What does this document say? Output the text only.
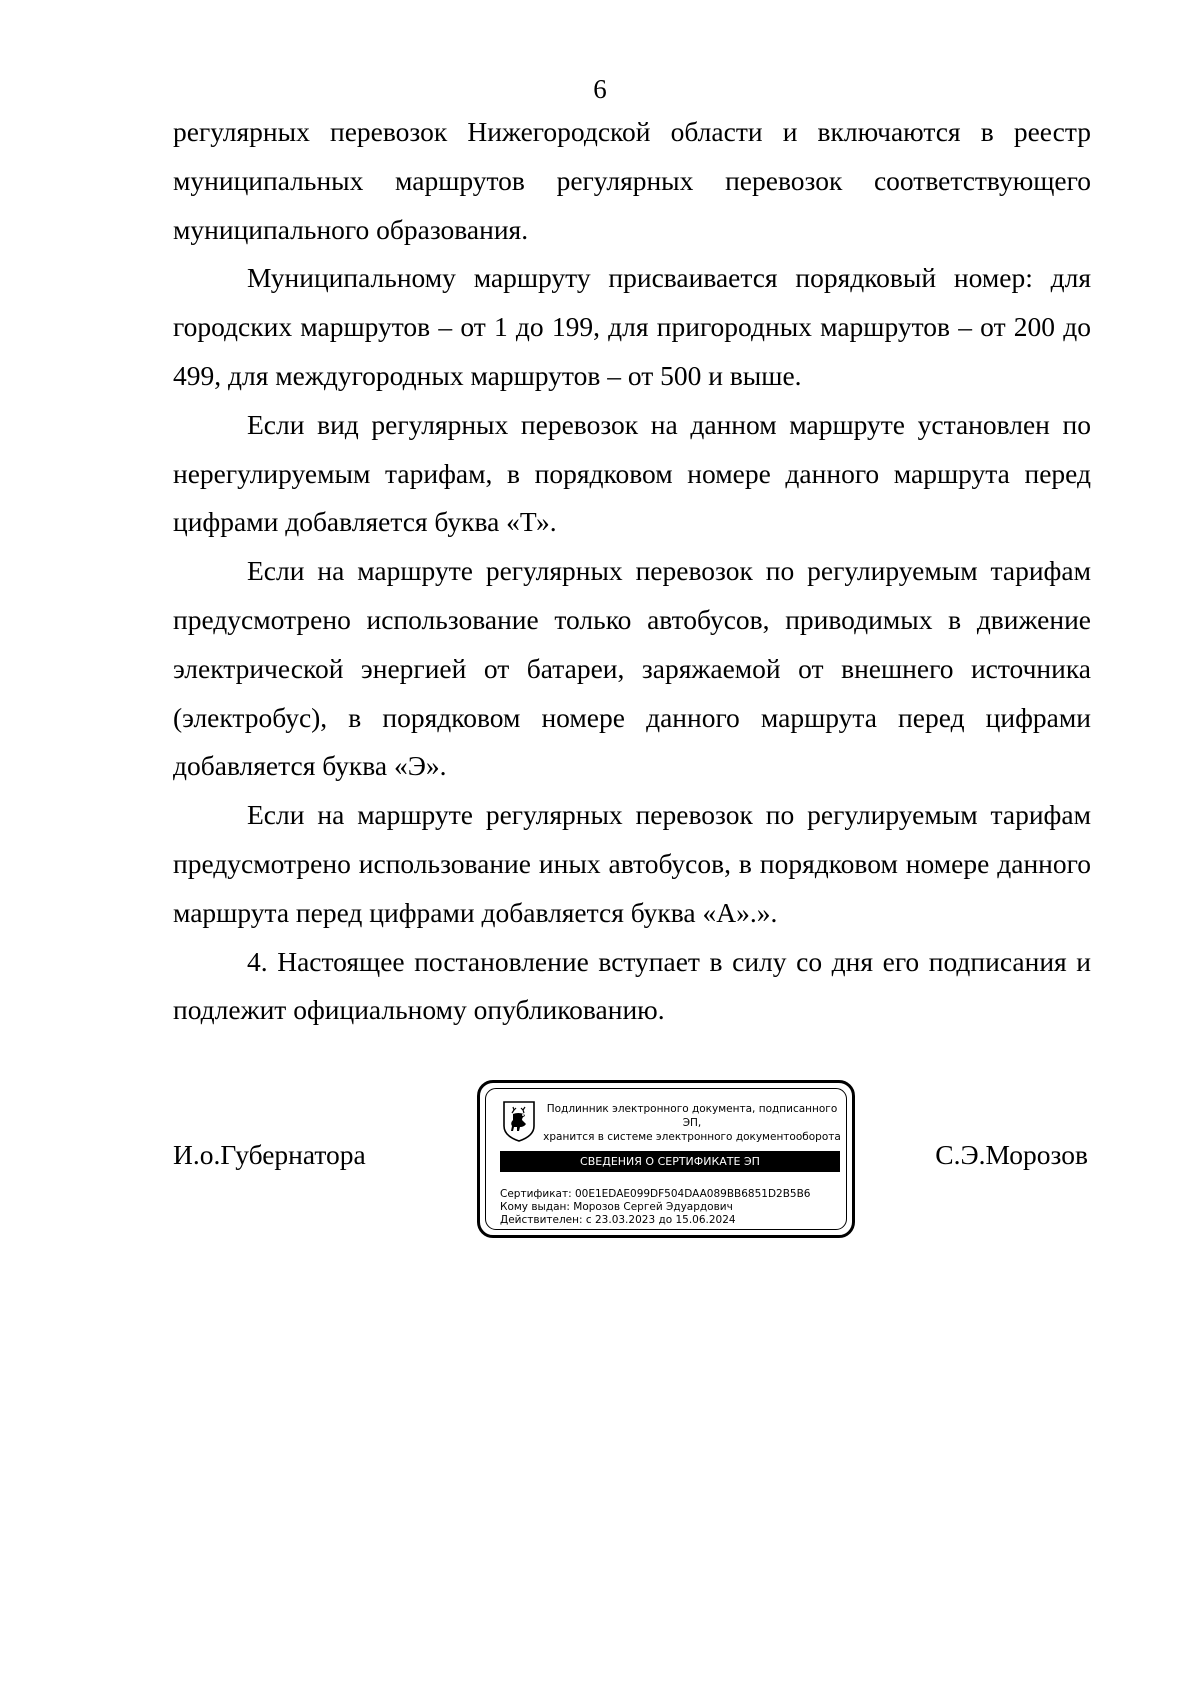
6

регулярных перевозок Нижегородской области и включаются в реестр муниципальных маршрутов регулярных перевозок соответствующего муниципального образования.

Муниципальному маршруту присваивается порядковый номер: для городских маршрутов – от 1 до 199, для пригородных маршрутов – от 200 до 499, для междугородных маршрутов – от 500 и выше.

Если вид регулярных перевозок на данном маршруте установлен по нерегулируемым тарифам, в порядковом номере данного маршрута перед цифрами добавляется буква «Т».

Если на маршруте регулярных перевозок по регулируемым тарифам предусмотрено использование только автобусов, приводимых в движение электрической энергией от батареи, заряжаемой от внешнего источника (электробус), в порядковом номере данного маршрута перед цифрами добавляется буква «Э».

Если на маршруте регулярных перевозок по регулируемым тарифам предусмотрено использование иных автобусов, в порядковом номере данного маршрута перед цифрами добавляется буква «А».».

4. Настоящее постановление вступает в силу со дня его подписания и подлежит официальному опубликованию.

И.о.Губернатора
Подлинник электронного документа, подписанного ЭП,
хранится в системе электронного документооборота
СВЕДЕНИЯ О СЕРТИФИКАТЕ ЭП
Сертификат: 00E1EDAE099DF504DAA089BB6851D2B5B6
Кому выдан: Морозов Сергей Эдуардович
Действителен: с 23.03.2023 до 15.06.2024
С.Э.Морозов
